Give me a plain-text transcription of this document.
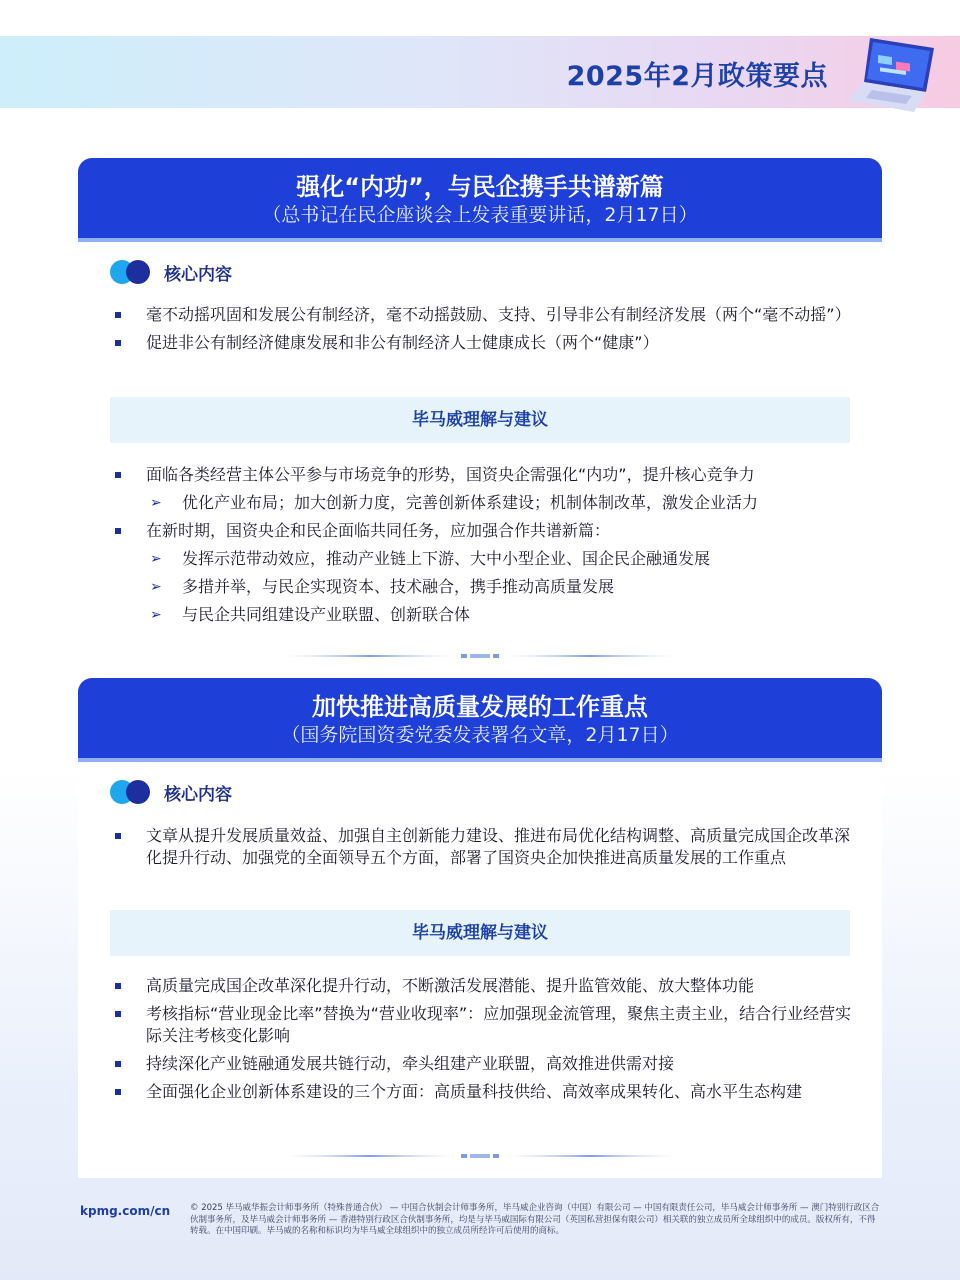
2025年2月政策要点
强化“内功”，与民企携手共谱新篇
（总书记在民企座谈会上发表重要讲话，2月17日）
核心内容
毫不动摇巩固和发展公有制经济，毫不动摇鼓励、支持、引导非公有制经济发展（两个“毫不动摇”）
促进非公有制经济健康发展和非公有制经济人士健康成长（两个“健康”）
毕马威理解与建议
面临各类经营主体公平参与市场竞争的形势，国资央企需强化“内功”，提升核心竞争力
➢ 优化产业布局；加大创新力度，完善创新体系建设；机制体制改革，激发企业活力
在新时期，国资央企和民企面临共同任务，应加强合作共谱新篇：
➢ 发挥示范带动效应，推动产业链上下游、大中小型企业、国企民企融通发展
➢ 多措并举，与民企实现资本、技术融合，携手推动高质量发展
➢ 与民企共同组建设产业联盟、创新联合体
加快推进高质量发展的工作重点
（国务院国资委党委发表署名文章，2月17日）
核心内容
文章从提升发展质量效益、加强自主创新能力建设、推进布局优化结构调整、高质量完成国企改革深化提升行动、加强党的全面领导五个方面，部署了国资央企加快推进高质量发展的工作重点
毕马威理解与建议
高质量完成国企改革深化提升行动，不断激活发展潜能、提升监管效能、放大整体功能
考核指标“营业现金比率”替换为“营业收现率”：应加强现金流管理，聚焦主责主业，结合行业经营实际关注考核变化影响
持续深化产业链融通发展共链行动，牵头组建产业联盟，高效推进供需对接
全面强化企业创新体系建设的三个方面：高质量科技供给、高效率成果转化、高水平生态构建
kpmg.com/cn © 2025 毕马威华振会计师事务所（特殊普通合伙） — 中国合伙制会计师事务所，毕马威企业咨询（中国）有限公司 — 中国有限责任公司，毕马威会计师事务所 — 澳门特别行政区合伙制事务所，及毕马威会计师事务所 — 香港特别行政区合伙制事务所，均是与毕马威国际有限公司（英国私营担保有限公司）相关联的独立成员所全球组织中的成员。版权所有，不得转载。在中国印刷。毕马威的名称和标识均为毕马威全球组织中的独立成员所经许可后使用的商标。
